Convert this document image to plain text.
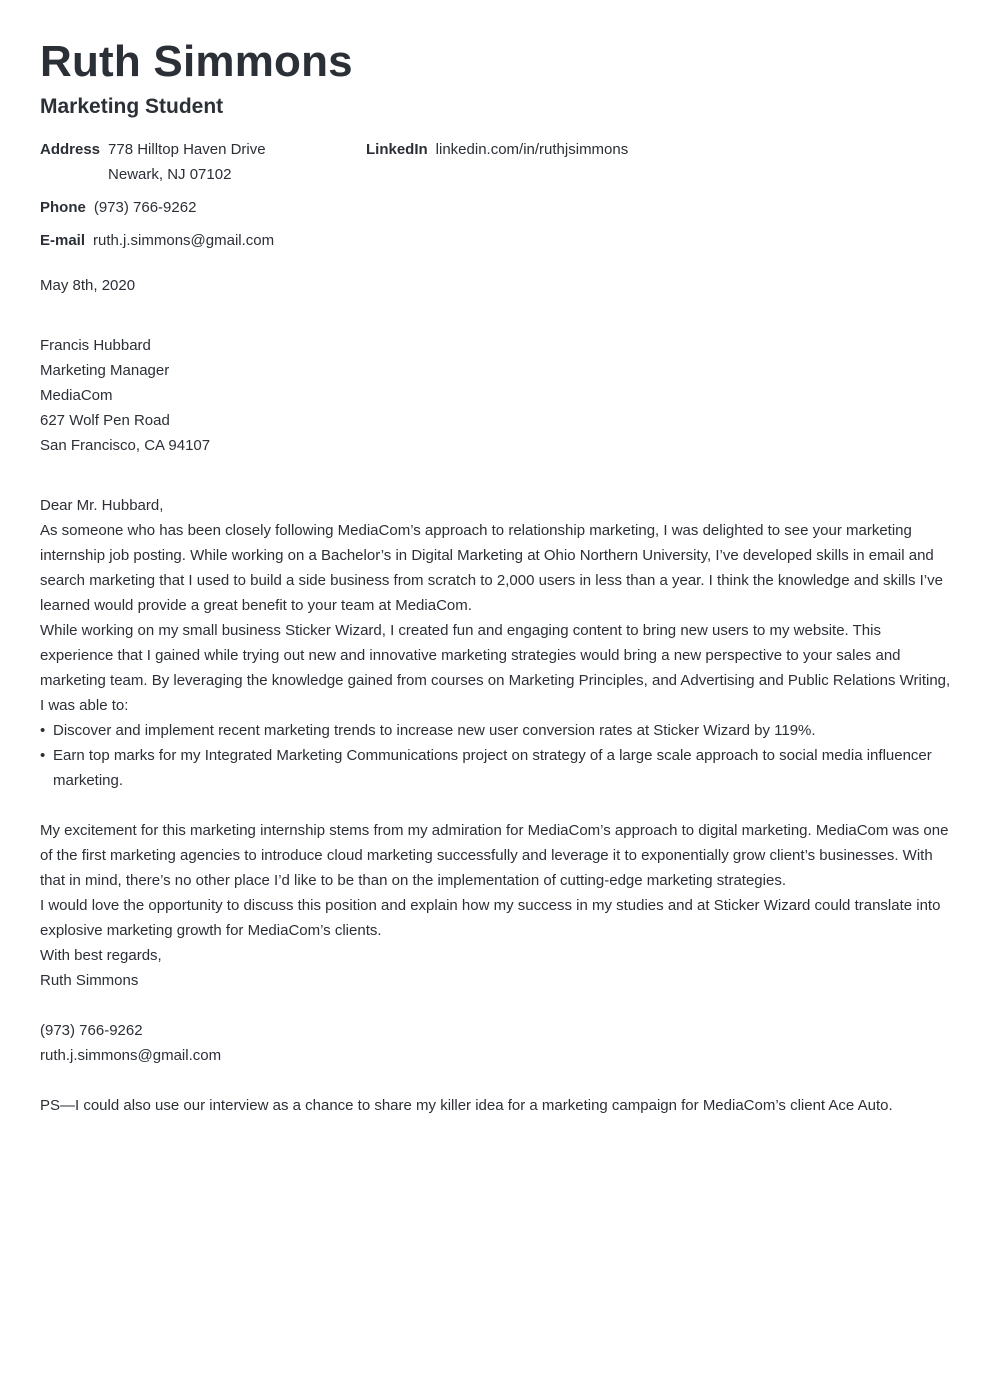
Ruth Simmons
Marketing Student
Address 778 Hilltop Haven Drive
Newark, NJ 07102
Phone (973) 766-9262
E-mail ruth.j.simmons@gmail.com
LinkedIn linkedin.com/in/ruthjsimmons

May 8th, 2020

Francis Hubbard

Marketing Manager

MediaCom

627 Wolf Pen Road

San Francisco, CA 94107

Dear Mr. Hubbard,

As someone who has been closely following MediaCom’s approach to relationship marketing, I was delighted to see your marketing internship job posting. While working on a Bachelor’s in Digital Marketing at Ohio Northern University, I’ve developed skills in email and search marketing that I used to build a side business from scratch to 2,000 users in less than a year. I think the knowledge and skills I’ve learned would provide a great benefit to your team at MediaCom.

While working on my small business Sticker Wizard, I created fun and engaging content to bring new users to my website. This experience that I gained while trying out new and innovative marketing strategies would bring a new perspective to your sales and marketing team. By leveraging the knowledge gained from courses on Marketing Principles, and Advertising and Public Relations Writing, I was able to:

• Discover and implement recent marketing trends to increase new user conversion rates at Sticker Wizard by 119%.
• Earn top marks for my Integrated Marketing Communications project on strategy of a large scale approach to social media influencer marketing.

My excitement for this marketing internship stems from my admiration for MediaCom’s approach to digital marketing. MediaCom was one of the first marketing agencies to introduce cloud marketing successfully and leverage it to exponentially grow client’s businesses. With that in mind, there’s no other place I’d like to be than on the implementation of cutting-edge marketing strategies.

I would love the opportunity to discuss this position and explain how my success in my studies and at Sticker Wizard could translate into explosive marketing growth for MediaCom’s clients.

With best regards,

Ruth Simmons

(973) 766-9262

ruth.j.simmons@gmail.com

PS—I could also use our interview as a chance to share my killer idea for a marketing campaign for MediaCom’s client Ace Auto.
